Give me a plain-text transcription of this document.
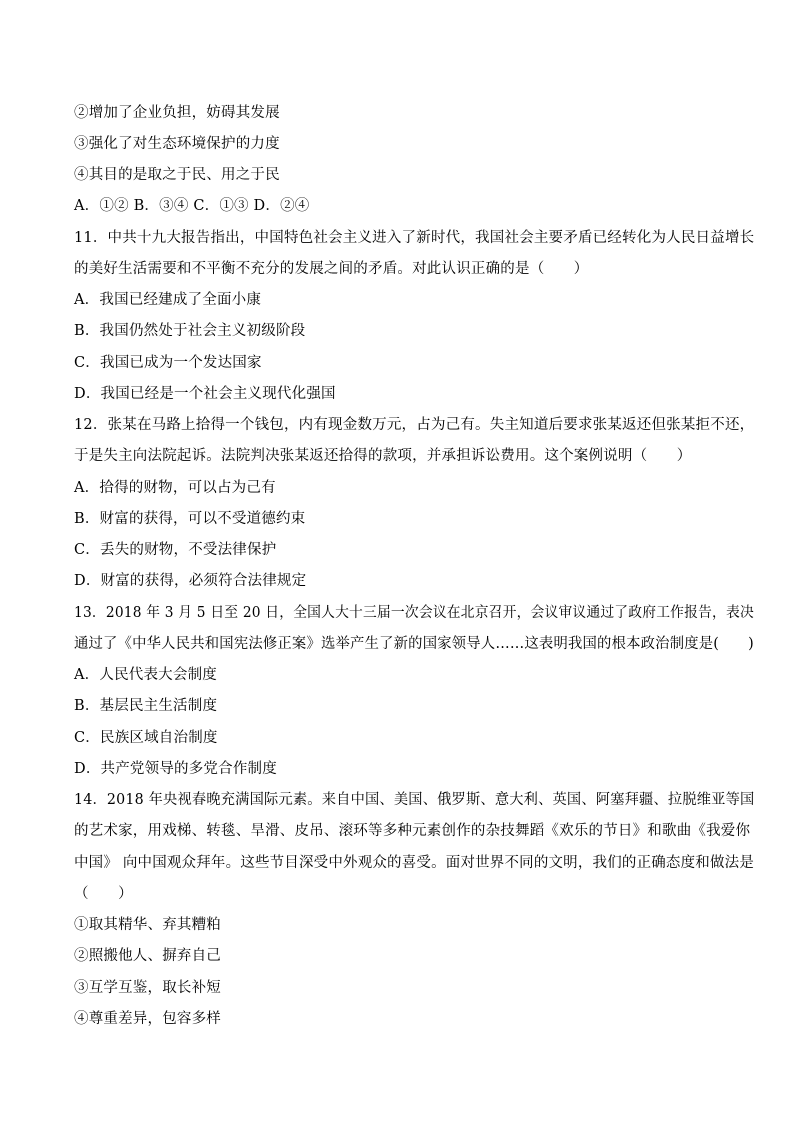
②增加了企业负担，妨碍其发展
③强化了对生态环境保护的力度
④其目的是取之于民、用之于民
A．①② B．③④ C．①③ D．②④
11．中共十九大报告指出，中国特色社会主义进入了新时代，我国社会主要矛盾已经转化为人民日益增长
的美好生活需要和不平衡不充分的发展之间的矛盾。对此认识正确的是（　　）
A．我国已经建成了全面小康
B．我国仍然处于社会主义初级阶段
C．我国已成为一个发达国家
D．我国已经是一个社会主义现代化强国
12．张某在马路上拾得一个钱包，内有现金数万元，占为己有。失主知道后要求张某返还但张某拒不还，
于是失主向法院起诉。法院判决张某返还拾得的款项，并承担诉讼费用。这个案例说明（　　）
A．拾得的财物，可以占为己有
B．财富的获得，可以不受道德约束
C．丢失的财物，不受法律保护
D．财富的获得，必须符合法律规定
13．2018 年 3 月 5 日至 20 日，全国人大十三届一次会议在北京召开，会议审议通过了政府工作报告，表决
通过了《中华人民共和国宪法修正案》选举产生了新的国家领导人……这表明我国的根本政治制度是(　　)
A．人民代表大会制度
B．基层民主生活制度
C．民族区域自治制度
D．共产党领导的多党合作制度
14．2018 年央视春晚充满国际元素。来自中国、美国、俄罗斯、意大利、英国、阿塞拜疆、拉脱维亚等国
的艺术家，用戏梯、转毯、旱滑、皮吊、滚环等多种元素创作的杂技舞蹈《欢乐的节日》和歌曲《我爱你
中国》 向中国观众拜年。这些节目深受中外观众的喜受。面对世界不同的文明，我们的正确态度和做法是
（　　）
①取其精华、弃其糟粕
②照搬他人、摒弃自己
③互学互鉴，取长补短
④尊重差异，包容多样
